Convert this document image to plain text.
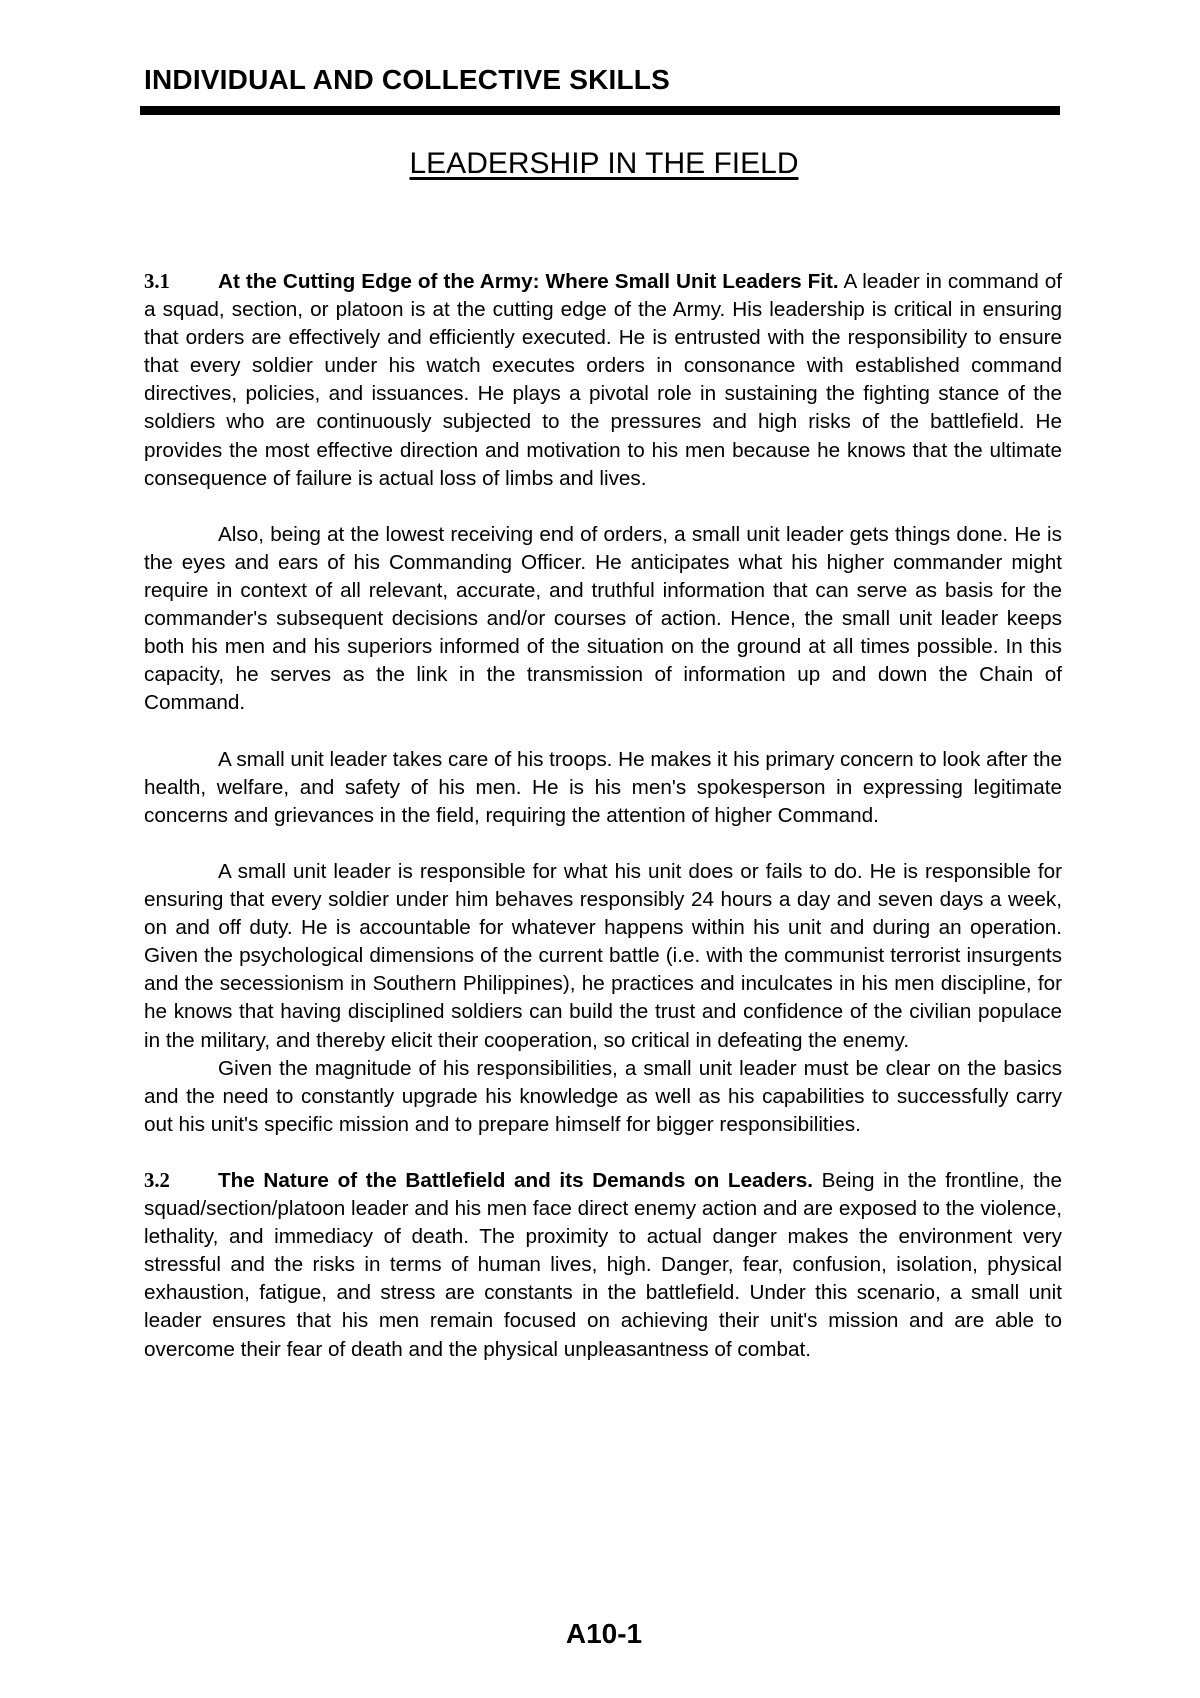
INDIVIDUAL AND COLLECTIVE SKILLS
LEADERSHIP IN THE FIELD

3.1 At the Cutting Edge of the Army: Where Small Unit Leaders Fit. A leader in command of a squad, section, or platoon is at the cutting edge of the Army. His leadership is critical in ensuring that orders are effectively and efficiently executed. He is entrusted with the responsibility to ensure that every soldier under his watch executes orders in consonance with established command directives, policies, and issuances. He plays a pivotal role in sustaining the fighting stance of the soldiers who are continuously subjected to the pressures and high risks of the battlefield. He provides the most effective direction and motivation to his men because he knows that the ultimate consequence of failure is actual loss of limbs and lives.

Also, being at the lowest receiving end of orders, a small unit leader gets things done. He is the eyes and ears of his Commanding Officer. He anticipates what his higher commander might require in context of all relevant, accurate, and truthful information that can serve as basis for the commander's subsequent decisions and/or courses of action. Hence, the small unit leader keeps both his men and his superiors informed of the situation on the ground at all times possible. In this capacity, he serves as the link in the transmission of information up and down the Chain of Command.

A small unit leader takes care of his troops. He makes it his primary concern to look after the health, welfare, and safety of his men. He is his men's spokesperson in expressing legitimate concerns and grievances in the field, requiring the attention of higher Command.

A small unit leader is responsible for what his unit does or fails to do. He is responsible for ensuring that every soldier under him behaves responsibly 24 hours a day and seven days a week, on and off duty. He is accountable for whatever happens within his unit and during an operation. Given the psychological dimensions of the current battle (i.e. with the communist terrorist insurgents and the secessionism in Southern Philippines), he practices and inculcates in his men discipline, for he knows that having disciplined soldiers can build the trust and confidence of the civilian populace in the military, and thereby elicit their cooperation, so critical in defeating the enemy.

Given the magnitude of his responsibilities, a small unit leader must be clear on the basics and the need to constantly upgrade his knowledge as well as his capabilities to successfully carry out his unit's specific mission and to prepare himself for bigger responsibilities.

3.2 The Nature of the Battlefield and its Demands on Leaders. Being in the frontline, the squad/section/platoon leader and his men face direct enemy action and are exposed to the violence, lethality, and immediacy of death. The proximity to actual danger makes the environment very stressful and the risks in terms of human lives, high. Danger, fear, confusion, isolation, physical exhaustion, fatigue, and stress are constants in the battlefield. Under this scenario, a small unit leader ensures that his men remain focused on achieving their unit's mission and are able to overcome their fear of death and the physical unpleasantness of combat.

A10-1
